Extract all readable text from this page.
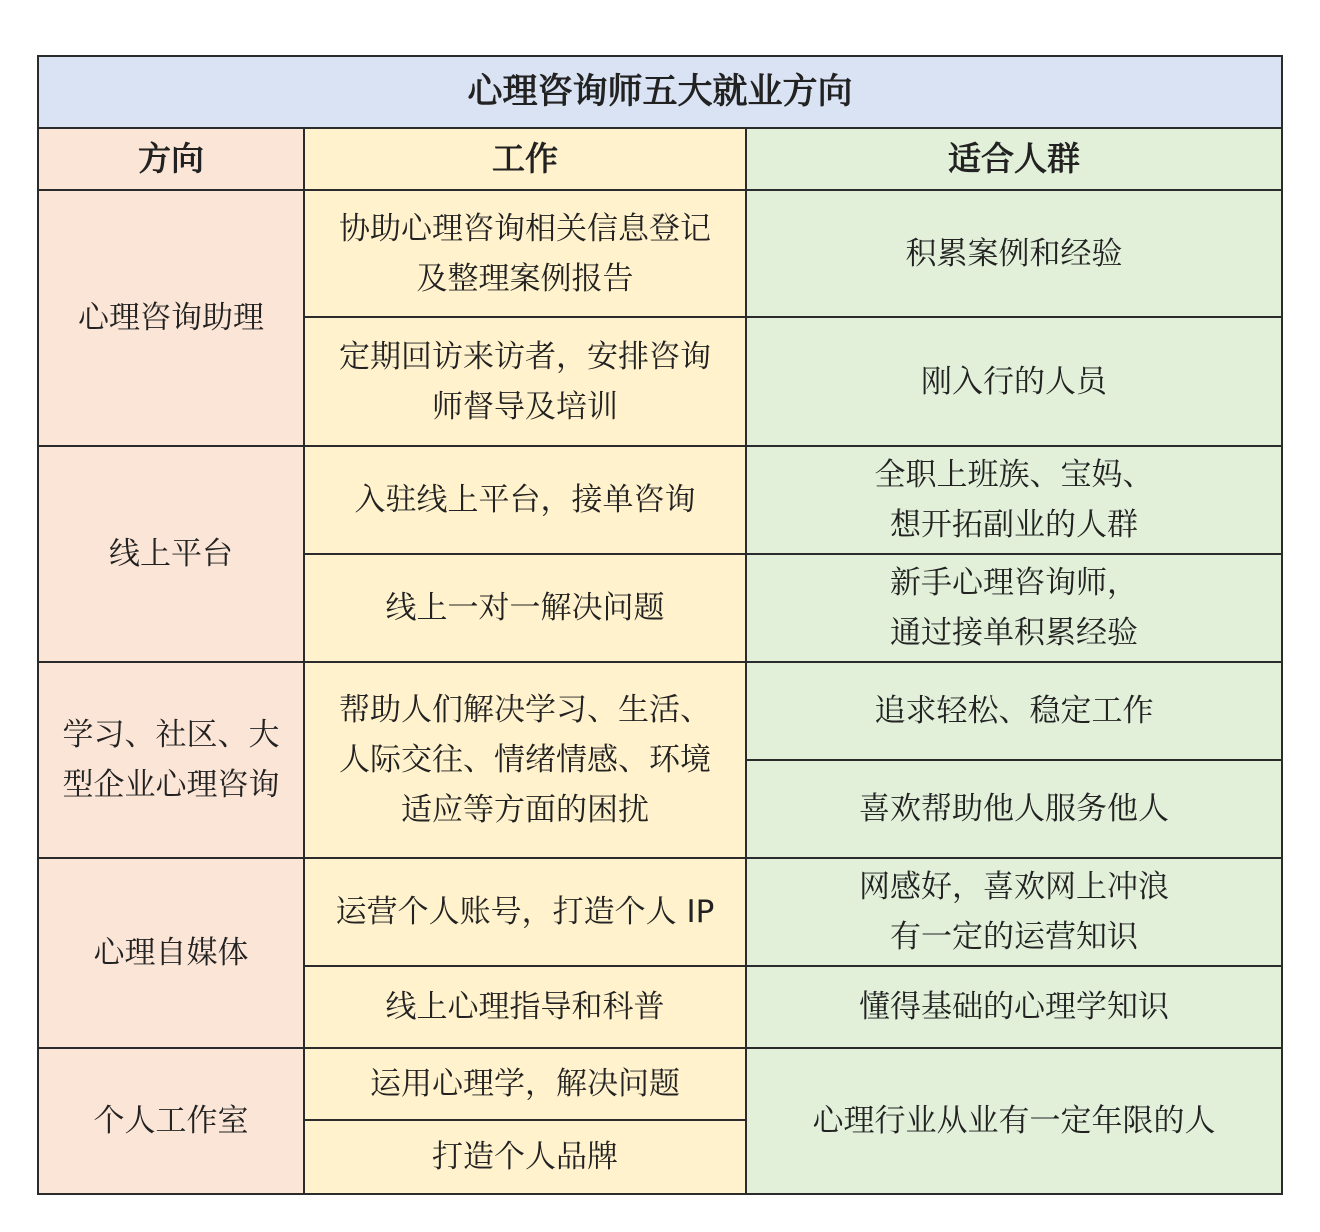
心理咨询师五大就业方向
方向	工作	适合人群
心理咨询助理
线上平台
学习、社区、大
型企业心理咨询
心理自媒体
个人工作室
协助心理咨询相关信息登记
及整理案例报告
定期回访来访者，安排咨询
师督导及培训
入驻线上平台，接单咨询
线上一对一解决问题
帮助人们解决学习、生活、
人际交往、情绪情感、环境
适应等方面的困扰
运营个人账号，打造个人 IP
线上心理指导和科普
运用心理学，解决问题
打造个人品牌
积累案例和经验
刚入行的人员
全职上班族、宝妈、
想开拓副业的人群
新手心理咨询师，
通过接单积累经验
追求轻松、稳定工作
喜欢帮助他人服务他人
网感好，喜欢网上冲浪
有一定的运营知识
懂得基础的心理学知识
心理行业从业有一定年限的人
